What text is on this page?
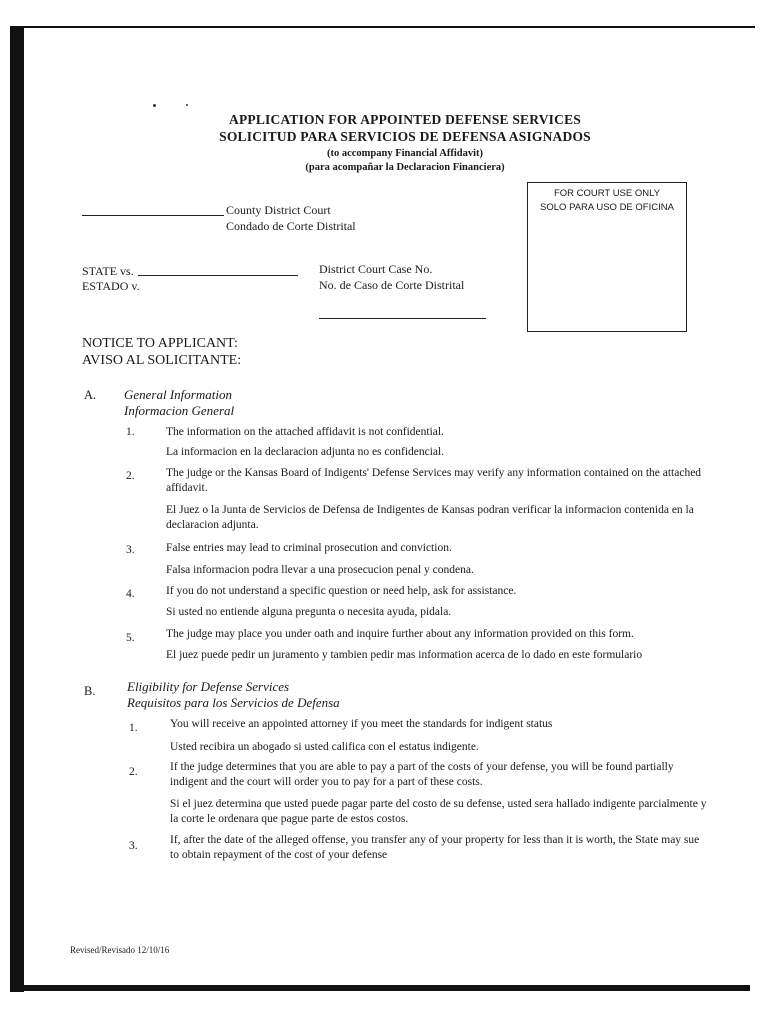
APPLICATION FOR APPOINTED DEFENSE SERVICES
SOLICITUD PARA SERVICIOS DE DEFENSA ASIGNADOS
(to accompany Financial Affidavit)
(para acompañar la Declaracion Financiera)
FOR COURT USE ONLY
SOLO PARA USO DE OFICINA
County District Court
Condado de Corte Distrital
STATE vs.
ESTADO v.
District Court Case No.
No. de Caso de Corte Distrital
NOTICE TO APPLICANT:
AVISO AL SOLICITANTE:
A. General Information
Informacion General
1.	The information on the attached affidavit is not confidential.
La informacion en la declaracion adjunta no es confidencial.
2.	The judge or the Kansas Board of Indigents' Defense Services may verify any information contained on the attached affidavit.
El Juez o la Junta de Servicios de Defensa de Indigentes de Kansas podran verificar la informacion contenida en la declaracion adjunta.
3.	False entries may lead to criminal prosecution and conviction.
Falsa informacion podra llevar a una prosecucion penal y condena.
4.	If you do not understand a specific question or need help, ask for assistance.
Si usted no entiende alguna pregunta o necesita ayuda, pidala.
5.	The judge may place you under oath and inquire further about any information provided on this form.
El juez puede pedir un juramento y tambien pedir mas information acerca de lo dado en este formulario
B. Eligibility for Defense Services
Requisitos para los Servicios de Defensa
1.	You will receive an appointed attorney if you meet the standards for indigent status
Usted recibira un abogado si usted califica con el estatus indigente.
2.	If the judge determines that you are able to pay a part of the costs of your defense, you will be found partially indigent and the court will order you to pay for a part of these costs.
Si el juez determina que usted puede pagar parte del costo de su defense, usted sera hallado indigente parcialmente y la corte le ordenara que pague parte de estos costos.
3.	If, after the date of the alleged offense, you transfer any of your property for less than it is worth, the State may sue to obtain repayment of the cost of your defense
Revised/Revisado 12/10/16
